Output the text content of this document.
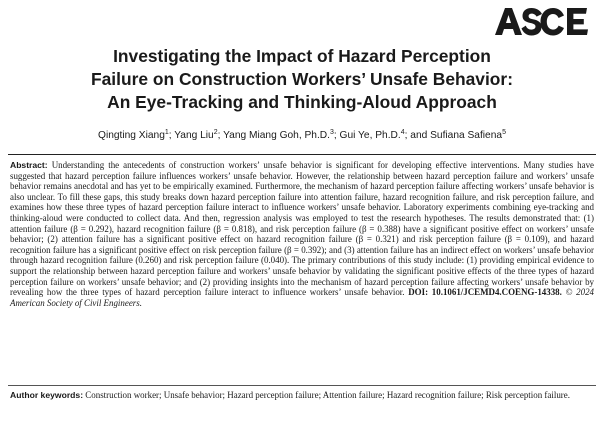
Investigating the Impact of Hazard Perception
Failure on Construction Workers’ Unsafe Behavior:
An Eye-Tracking and Thinking-Aloud Approach
Qingting Xiang$^1$; Yang Liu$^2$; Yang Miang Goh, Ph.D.$^3$; Gui Ye, Ph.D.$^4$; and Sufiana Safiena$^5$
Abstract: Understanding the antecedents of construction workers’ unsafe behavior is significant for developing effective interventions. Many studies have suggested that hazard perception failure influences workers’ unsafe behavior. However, the relationship between hazard perception failure and workers’ unsafe behavior remains anecdotal and has yet to be empirically examined. Furthermore, the mechanism of hazard perception failure affecting workers’ unsafe behavior is also unclear. To fill these gaps, this study breaks down hazard perception failure into attention failure, hazard recognition failure, and risk perception failure, and examines how these three types of hazard perception failure interact to influence workers’ unsafe behavior. Laboratory experiments combining eye-tracking and thinking-aloud were conducted to collect data. And then, regression analysis was employed to test the research hypotheses. The results demonstrated that: (1) attention failure (β = 0.292), hazard recognition failure (β = 0.818), and risk perception failure (β = 0.388) have a significant positive effect on workers’ unsafe behavior; (2) attention failure has a significant positive effect on hazard recognition failure (β = 0.321) and risk perception failure (β = 0.109), and hazard recognition failure has a significant positive effect on risk perception failure (β = 0.392); and (3) attention failure has an indirect effect on workers’ unsafe behavior through hazard recognition failure (0.260) and risk perception failure (0.040). The primary contributions of this study include: (1) providing empirical evidence to support the relationship between hazard perception failure and workers’ unsafe behavior by validating the significant positive effects of the three types of hazard perception failure on workers’ unsafe behavior; and (2) providing insights into the mechanism of hazard perception failure affecting workers’ unsafe behavior by revealing how the three types of hazard perception failure interact to influence workers’ unsafe behavior. DOI: 10.1061/JCEMD4.COENG-14338. © 2024 American Society of Civil Engineers.
Author keywords: Construction worker; Unsafe behavior; Hazard perception failure; Attention failure; Hazard recognition failure; Risk perception failure.
